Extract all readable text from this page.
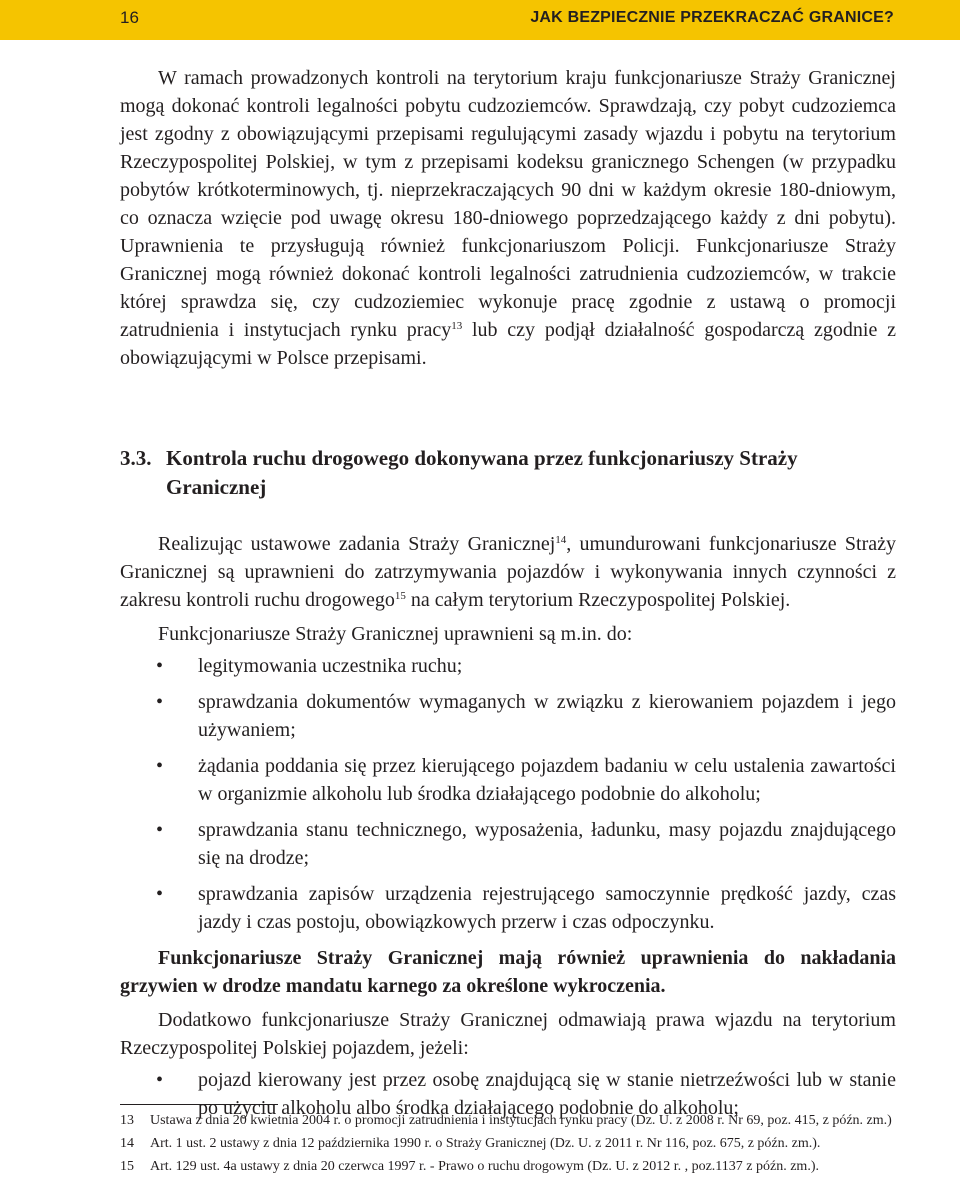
16	JAK BEZPIECZNIE PRZEKRACZAĆ GRANICE?

W ramach prowadzonych kontroli na terytorium kraju funkcjonariusze Straży Granicznej mogą dokonać kontroli legalności pobytu cudzoziemców. Sprawdzają, czy pobyt cudzoziemca jest zgodny z obowiązującymi przepisami regulującymi zasady wjazdu i pobytu na terytorium Rzeczypospolitej Polskiej, w tym z przepisami kodeksu granicznego Schengen (w przypadku pobytów krótkoterminowych, tj. nieprzekraczających 90 dni w każdym okresie 180-dniowym, co oznacza wzięcie pod uwagę okresu 180-dniowego poprzedzającego każdy z dni pobytu). Uprawnienia te przysługują również funkcjonariuszom Policji. Funkcjonariusze Straży Granicznej mogą również dokonać kontroli legalności zatrudnienia cudzoziemców, w trakcie której sprawdza się, czy cudzoziemiec wykonuje pracę zgodnie z ustawą o promocji zatrudnienia i instytucjach rynku pracy$^{13}$ lub czy podjął działalność gospodarczą zgodnie z obowiązującymi w Polsce przepisami.

3.3. Kontrola ruchu drogowego dokonywana przez funkcjonariuszy Straży Granicznej

Realizując ustawowe zadania Straży Granicznej$^{14}$, umundurowani funkcjonariusze Straży Granicznej są uprawnieni do zatrzymywania pojazdów i wykonywania innych czynności z zakresu kontroli ruchu drogowego$^{15}$ na całym terytorium Rzeczypospolitej Polskiej.

Funkcjonariusze Straży Granicznej uprawnieni są m.in. do:

• legitymowania uczestnika ruchu;
• sprawdzania dokumentów wymaganych w związku z kierowaniem pojazdem i jego używaniem;
• żądania poddania się przez kierującego pojazdem badaniu w celu ustalenia zawartości w organizmie alkoholu lub środka działającego podobnie do alkoholu;
• sprawdzania stanu technicznego, wyposażenia, ładunku, masy pojazdu znajdującego się na drodze;
• sprawdzania zapisów urządzenia rejestrującego samoczynnie prędkość jazdy, czas jazdy i czas postoju, obowiązkowych przerw i czas odpoczynku.

Funkcjonariusze Straży Granicznej mają również uprawnienia do nakładania grzywien w drodze mandatu karnego za określone wykroczenia.

Dodatkowo funkcjonariusze Straży Granicznej odmawiają prawa wjazdu na terytorium Rzeczypospolitej Polskiej pojazdem, jeżeli:

• pojazd kierowany jest przez osobę znajdującą się w stanie nietrzeźwości lub w stanie po użyciu alkoholu albo środka działającego podobnie do alkoholu;
13	Ustawa z dnia 20 kwietnia 2004 r. o promocji zatrudnienia i instytucjach rynku pracy (Dz. U. z 2008 r. Nr 69, poz. 415, z późn. zm.)
14	Art. 1 ust. 2 ustawy z dnia 12 października 1990 r. o Straży Granicznej (Dz. U. z 2011 r. Nr 116, poz. 675, z późn. zm.).
15	Art. 129 ust. 4a ustawy z dnia 20 czerwca 1997 r. - Prawo o ruchu drogowym (Dz. U. z 2012 r. , poz.1137 z późn. zm.).
